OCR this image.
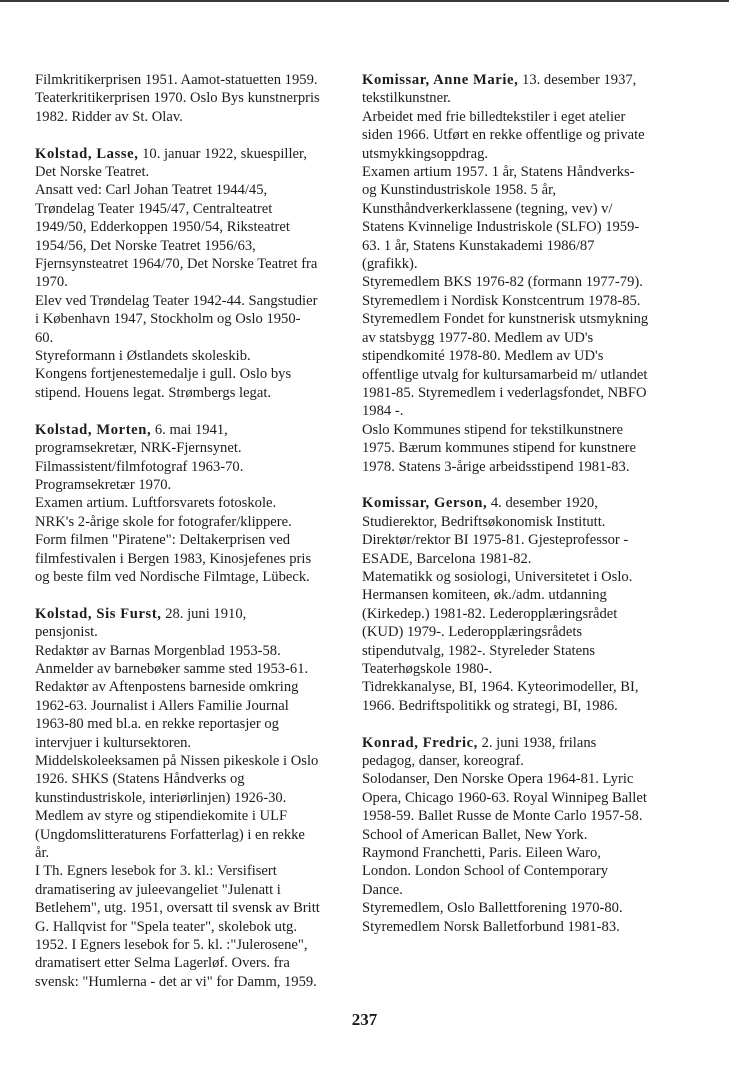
Filmkritikerprisen 1951. Aamot-statuetten 1959.
Teaterkritikerprisen 1970. Oslo Bys kunstnerpris
1982. Ridder av St. Olav.
Kolstad, Lasse, 10. januar 1922, skuespiller,
Det Norske Teatret.
Ansatt ved: Carl Johan Teatret 1944/45,
Trøndelag Teater 1945/47, Centralteatret
1949/50, Edderkoppen 1950/54, Riksteatret
1954/56, Det Norske Teatret 1956/63,
Fjernsynsteatret 1964/70, Det Norske Teatret fra
1970.
Elev ved Trøndelag Teater 1942-44. Sangstudier
i København 1947, Stockholm og Oslo 1950-
60.
Styreformann i Østlandets skoleskib.
Kongens fortjenestemedalje i gull. Oslo bys
stipend. Houens legat. Strømbergs legat.
Kolstad, Morten, 6. mai 1941,
programsekretær, NRK-Fjernsynet.
Filmassistent/filmfotograf 1963-70.
Programsekretær 1970.
Examen artium. Luftforsvarets fotoskole.
NRK's 2-årige skole for fotografer/klippere.
Form filmen "Piratene": Deltakerprisen ved
filmfestivalen i Bergen 1983, Kinosjefenes pris
og beste film ved Nordische Filmtage, Lübeck.
Kolstad, Sis Furst, 28. juni 1910,
pensjonist.
Redaktør av Barnas Morgenblad 1953-58.
Anmelder av barnebøker samme sted 1953-61.
Redaktør av Aftenpostens barneside omkring
1962-63. Journalist i Allers Familie Journal
1963-80 med bl.a. en rekke reportasjer og
intervjuer i kultursektoren.
Middelskoleeksamen på Nissen pikeskole i Oslo
1926. SHKS (Statens Håndverks og
kunstindustriskole, interiørlinjen) 1926-30.
Medlem av styre og stipendiekomite i ULF
(Ungdomslitteraturens Forfatterlag) i en rekke
år.
I Th. Egners lesebok for 3. kl.: Versifisert
dramatisering av juleevangeliet "Julenatt i
Betlehem", utg. 1951, oversatt til svensk av Britt
G. Hallqvist for "Spela teater", skolebok utg.
1952. I Egners lesebok for 5. kl. :"Julerosene",
dramatisert etter Selma Lagerløf. Overs. fra
svensk: "Humlerna - det ar vi" for Damm, 1959.
Komissar, Anne Marie, 13. desember 1937,
tekstilkunstner.
Arbeidet med frie billedtekstiler i eget atelier
siden 1966. Utført en rekke offentlige og private
utsmykkingsoppdrag.
Examen artium 1957. 1 år, Statens Håndverks-
og Kunstindustriskole 1958. 5 år,
Kunsthåndverkerklassene (tegning, vev) v/
Statens Kvinnelige Industriskole (SLFO) 1959-
63. 1 år, Statens Kunstakademi 1986/87
(grafikk).
Styremedlem BKS 1976-82 (formann 1977-79).
Styremedlem i Nordisk Konstcentrum 1978-85.
Styremedlem Fondet for kunstnerisk utsmykning
av statsbygg 1977-80. Medlem av UD's
stipendkomité 1978-80. Medlem av UD's
offentlige utvalg for kultursamarbeid m/ utlandet
1981-85. Styremedlem i vederlagsfondet, NBFO
1984 -.
Oslo Kommunes stipend for tekstilkunstnere
1975. Bærum kommunes stipend for kunstnere
1978. Statens 3-årige arbeidsstipend 1981-83.
Komissar, Gerson, 4. desember 1920,
Studierektor, Bedriftsøkonomisk Institutt.
Direktør/rektor BI 1975-81. Gjesteprofessor -
ESADE, Barcelona 1981-82.
Matematikk og sosiologi, Universitetet i Oslo.
Hermansen komiteen, øk./adm. utdanning
(Kirkedep.) 1981-82. Lederopplæringsrådet
(KUD) 1979-. Lederopplæringsrådets
stipendutvalg, 1982-. Styreleder Statens
Teaterhøgskole 1980-.
Tidrekkanalyse, BI, 1964. Kyteorimodeller, BI,
1966. Bedriftspolitikk og strategi, BI, 1986.
Konrad, Fredric, 2. juni 1938, frilans
pedagog, danser, koreograf.
Solodanser, Den Norske Opera 1964-81. Lyric
Opera, Chicago 1960-63. Royal Winnipeg Ballet
1958-59. Ballet Russe de Monte Carlo 1957-58.
School of American Ballet, New York.
Raymond Franchetti, Paris. Eileen Waro,
London. London School of Contemporary
Dance.
Styremedlem, Oslo Ballettforening 1970-80.
Styremedlem Norsk Balletforbund 1981-83.
237
